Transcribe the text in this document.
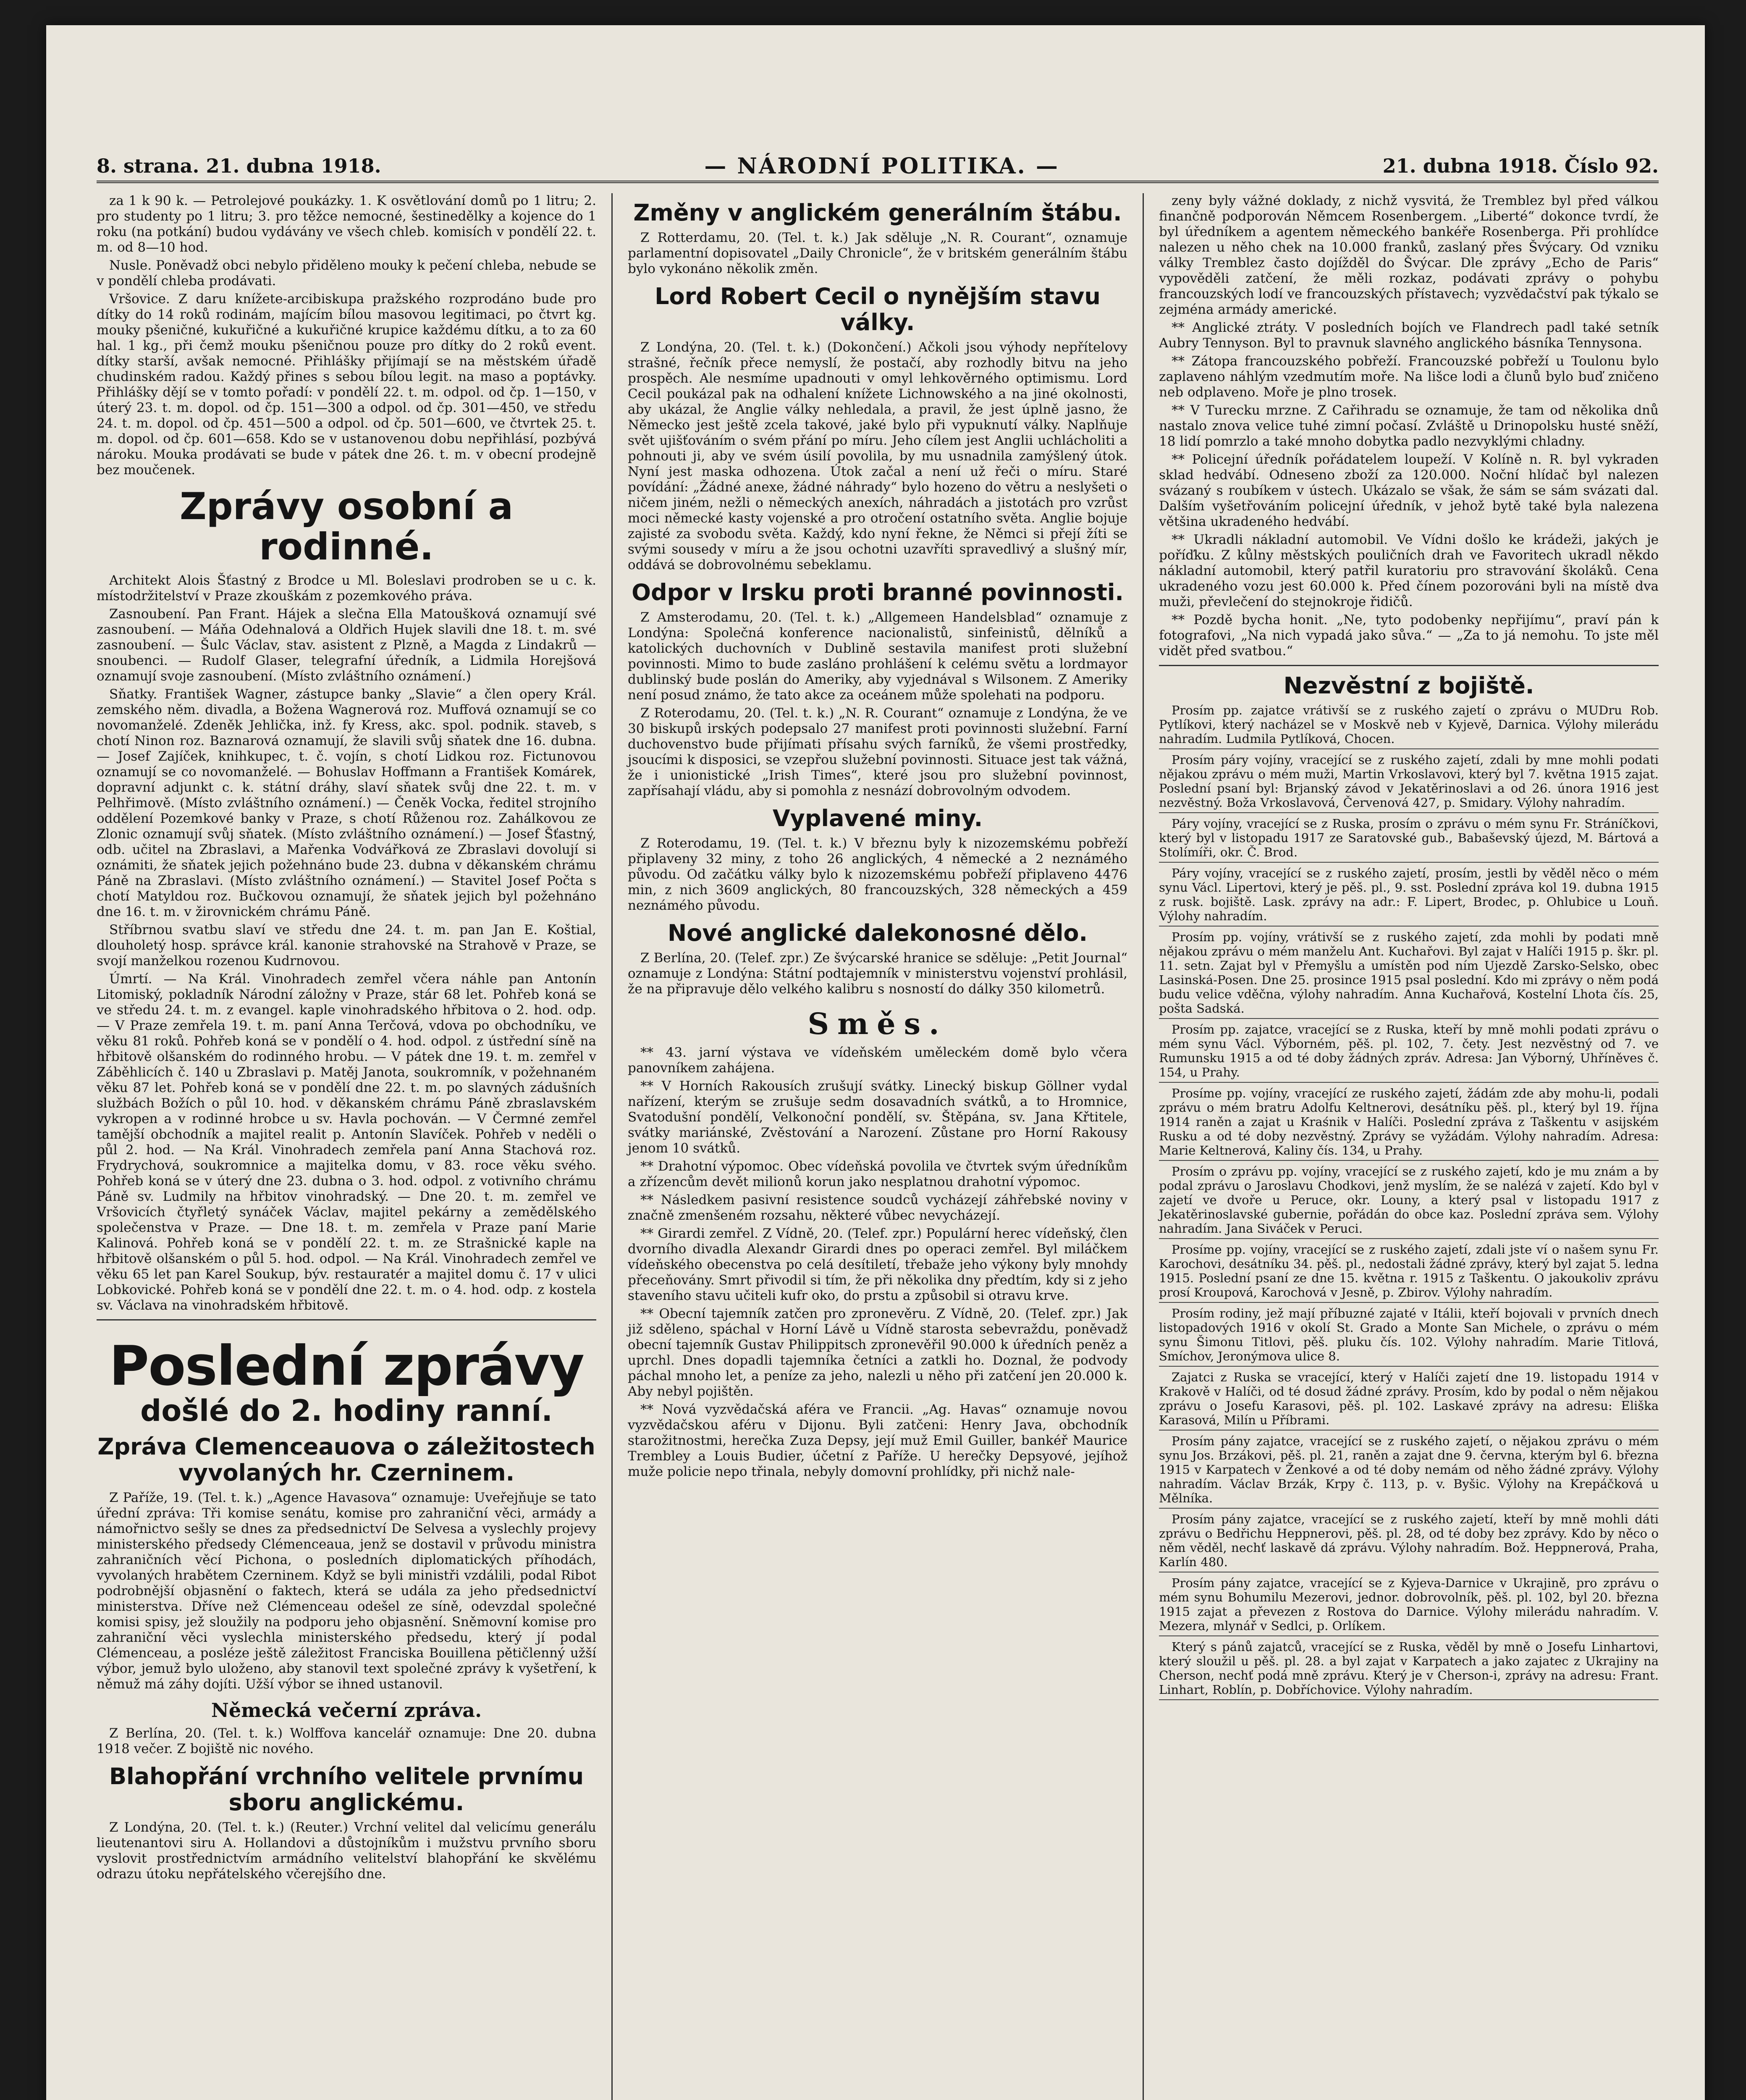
8. strana. 21. dubna 1918.	— NÁRODNÍ POLITIKA. —	21. dubna 1918. Číslo 92.

za 1 k 90 k. — Petrolejové poukázky. 1. K osvětlování domů po 1 litru; 2. pro studenty po 1 litru; 3. pro těžce nemocné, šestinedělky a kojence do 1 roku (na potkání) budou vydávány ve všech chleb. komisích v pondělí 22. t. m. od 8—10 hod.

Nusle. Poněvadž obci nebylo přiděleno mouky k pečení chleba, nebude se v pondělí chleba prodávati.

Vršovice. Z daru knížete-arcibiskupa pražského rozprodáno bude pro dítky do 14 roků rodinám, majícím bílou masovou legitimaci, po čtvrt kg. mouky pšeničné, kukuřičné a kukuřičné krupice každému dítku, a to za 60 hal. 1 kg., při čemž mouku pšeničnou pouze pro dítky do 2 roků event. dítky starší, avšak nemocné. Přihlášky přijímají se na městském úřadě chudinském radou. Každý přines s sebou bílou legit. na maso a poptávky. Přihlášky dějí se v tomto pořadí: v pondělí 22. t. m. odpol. od čp. 1—150, v úterý 23. t. m. dopol. od čp. 151—300 a odpol. od čp. 301—450, ve středu 24. t. m. dopol. od čp. 451—500 a odpol. od čp. 501—600, ve čtvrtek 25. t. m. dopol. od čp. 601—658. Kdo se v ustanovenou dobu nepřihlásí, pozbývá nároku. Mouka prodávati se bude v pátek dne 26. t. m. v obecní prodejně bez moučenek.

Zprávy osobní a rodinné.

Architekt Alois Šťastný z Brodce u Ml. Boleslavi prodroben se u c. k. místodržitelství v Praze zkouškám z pozemkového práva.

Zasnoubení. Pan Frant. Hájek a slečna Ella Matoušková oznamují své zasnoubení. — Máňa Odehnalová a Oldřich Hujek slavili dne 18. t. m. své zasnoubení. — Šulc Václav, stav. asistent z Plzně, a Magda z Lindakrů — snoubenci. — Rudolf Glaser, telegrafní úředník, a Lidmila Horejšová oznamují svoje zasnoubení. (Místo zvláštního oznámení.)

Sňatky. František Wagner, zástupce banky „Slavie“ a člen opery Král. zemského něm. divadla, a Božena Wagnerová roz. Muffová oznamují se co novomanželé. Zdeněk Jehlička, inž. fy Kress, akc. spol. podnik. staveb, s chotí Ninon roz. Baznarová oznamují, že slavili svůj sňatek dne 16. dubna. — Josef Zajíček, knihkupec, t. č. vojín, s chotí Lidkou roz. Fictunovou oznamují se co novomanželé. — Bohuslav Hoffmann a František Komárek, dopravní adjunkt c. k. státní dráhy, slaví sňatek svůj dne 22. t. m. v Pelhřimově. (Místo zvláštního oznámení.) — Čeněk Vocka, ředitel strojního oddělení Pozemkové banky v Praze, s chotí Růženou roz. Zahálkovou ze Zlonic oznamují svůj sňatek. (Místo zvláštního oznámení.) — Josef Šťastný, odb. učitel na Zbraslavi, a Mařenka Vodvářková ze Zbraslavi dovolují si oznámiti, že sňatek jejich požehnáno bude 23. dubna v děkanském chrámu Páně na Zbraslavi. (Místo zvláštního oznámení.) — Stavitel Josef Počta s chotí Matyldou roz. Bučkovou oznamují, že sňatek jejich byl požehnáno dne 16. t. m. v žirovnickém chrámu Páně.

Stříbrnou svatbu slaví ve středu dne 24. t. m. pan Jan E. Koštial, dlouholetý hosp. správce král. kanonie strahovské na Strahově v Praze, se svojí manželkou rozenou Kudrnovou.

Úmrtí. — Na Král. Vinohradech zemřel včera náhle pan Antonín Litomiský, pokladník Národní záložny v Praze, stár 68 let. Pohřeb koná se ve středu 24. t. m. z evangel. kaple vinohradského hřbitova o 2. hod. odp. — V Praze zemřela 19. t. m. paní Anna Terčová, vdova po obchodníku, ve věku 81 roků. Pohřeb koná se v pondělí o 4. hod. odpol. z ústřední síně na hřbitově olšanském do rodinného hrobu. — V pátek dne 19. t. m. zemřel v Záběhlicích č. 140 u Zbraslavi p. Matěj Janota, soukromník, v požehnaném věku 87 let. Pohřeb koná se v pondělí dne 22. t. m. po slavných zádušních službách Božích o půl 10. hod. v děkanském chrámu Páně zbraslavském vykropen a v rodinné hrobce u sv. Havla pochován. — V Čermné zemřel tamější obchodník a majitel realit p. Antonín Slavíček. Pohřeb v neděli o půl 2. hod. — Na Král. Vinohradech zemřela paní Anna Stachová roz. Frydrychová, soukromnice a majitelka domu, v 83. roce věku svého. Pohřeb koná se v úterý dne 23. dubna o 3. hod. odpol. z votivního chrámu Páně sv. Ludmily na hřbitov vinohradský. — Dne 20. t. m. zemřel ve Vršovicích čtyřletý synáček Václav, majitel pekárny a zemědělského společenstva v Praze. — Dne 18. t. m. zemřela v Praze paní Marie Kalinová. Pohřeb koná se v pondělí 22. t. m. ze Strašnické kaple na hřbitově olšanském o půl 5. hod. odpol. — Na Král. Vinohradech zemřel ve věku 65 let pan Karel Soukup, býv. restauratér a majitel domu č. 17 v ulici Lobkovické. Pohřeb koná se v pondělí dne 22. t. m. o 4. hod. odp. z kostela sv. Václava na vinohradském hřbitově.

Poslední zprávy
došlé do 2. hodiny ranní.
Zpráva Clemenceauova o záležitostech vyvolaných hr. Czerninem.

Z Paříže, 19. (Tel. t. k.) „Agence Havasova“ oznamuje: Uveřejňuje se tato úřední zpráva: Tři komise senátu, komise pro zahraniční věci, armády a námořnictvo sešly se dnes za předsednictví De Selvesa a vyslechly projevy ministerského předsedy Clémenceaua, jenž se dostavil v průvodu ministra zahraničních věcí Pichona, o posledních diplomatických příhodách, vyvolaných hrabětem Czerninem. Když se byli ministři vzdálili, podal Ribot podrobnější objasnění o faktech, která se udála za jeho předsednictví ministerstva. Dříve než Clémenceau odešel ze síně, odevzdal společné komisi spisy, jež sloužily na podporu jeho objasnění. Sněmovní komise pro zahraniční věci vyslechla ministerského předsedu, který jí podal Clémenceau, a posléze ještě záležitost Franciska Bouillena pětičlenný užší výbor, jemuž bylo uloženo, aby stanovil text společné zprávy k vyšetření, k němuž má záhy dojíti. Užší výbor se ihned ustanovil.

Německá večerní zpráva.

Z Berlína, 20. (Tel. t. k.) Wolffova kancelář oznamuje: Dne 20. dubna 1918 večer. Z bojiště nic nového.

Blahopřání vrchního velitele prvnímu sboru anglickému.

Z Londýna, 20. (Tel. t. k.) (Reuter.) Vrchní velitel dal velicímu generálu lieutenantovi siru A. Hollandovi a důstojníkům i mužstvu prvního sboru vyslovit prostřednictvím armádního velitelství blahopřání ke skvělému odrazu útoku nepřátelského včerejšího dne.

Změny v anglickém generálním štábu.

Z Rotterdamu, 20. (Tel. t. k.) Jak sděluje „N. R. Courant“, oznamuje parlamentní dopisovatel „Daily Chronicle“, že v britském generálním štábu bylo vykonáno několik změn.

Lord Robert Cecil o nynějším stavu války.

Z Londýna, 20. (Tel. t. k.) (Dokončení.) Ačkoli jsou výhody nepřítelovy strašné, řečník přece nemyslí, že postačí, aby rozhodly bitvu na jeho prospěch. Ale nesmíme upadnouti v omyl lehkověrného optimismu. Lord Cecil poukázal pak na odhalení knížete Lichnowského a na jiné okolnosti, aby ukázal, že Anglie války nehledala, a pravil, že jest úplně jasno, že Německo jest ještě zcela takové, jaké bylo při vypuknutí války. Naplňuje svět ujišťováním o svém přání po míru. Jeho cílem jest Anglii uchlácholiti a pohnouti ji, aby ve svém úsilí povolila, by mu usnadnila zamýšlený útok. Nyní jest maska odhozena. Útok začal a není už řeči o míru. Staré povídání: „Žádné anexe, žádné náhrady“ bylo hozeno do větru a neslyšeti o ničem jiném, nežli o německých anexích, náhradách a jistotách pro vzrůst moci německé kasty vojenské a pro otročení ostatního světa. Anglie bojuje zajisté za svobodu světa. Každý, kdo nyní řekne, že Němci si přejí žíti se svými sousedy v míru a že jsou ochotni uzavříti spravedlivý a slušný mír, oddává se dobrovolnému sebeklamu.

Odpor v Irsku proti branné povinnosti.

Z Amsterodamu, 20. (Tel. t. k.) „Allgemeen Handelsblad“ oznamuje z Londýna: Společná konference nacionalistů, sinfeinistů, dělníků a katolických duchovních v Dublině sestavila manifest proti služební povinnosti. Mimo to bude zasláno prohlášení k celému světu a lordmayor dublinský bude poslán do Ameriky, aby vyjednával s Wilsonem. Z Ameriky není posud známo, že tato akce za oceánem může spolehati na podporu.

Z Roterodamu, 20. (Tel. t. k.) „N. R. Courant“ oznamuje z Londýna, že ve 30 biskupů irských podepsalo 27 manifest proti povinnosti služební. Farní duchovenstvo bude přijímati přísahu svých farníků, že všemi prostředky, jsoucími k disposici, se vzepřou služební povinnosti. Situace jest tak vážná, že i unionistické „Irish Times“, které jsou pro služební povinnost, zapřísahají vládu, aby si pomohla z nesnází dobrovolným odvodem.

Vyplavené miny.

Z Roterodamu, 19. (Tel. t. k.) V březnu byly k nizozemskému pobřeží připlaveny 32 miny, z toho 26 anglických, 4 německé a 2 neznámého původu. Od začátku války bylo k nizozemskému pobřeží připlaveno 4476 min, z nich 3609 anglických, 80 francouzských, 328 německých a 459 neznámého původu.

Nové anglické dalekonosné dělo.

Z Berlína, 20. (Telef. zpr.) Ze švýcarské hranice se sděluje: „Petit Journal“ oznamuje z Londýna: Státní podtajemník v ministerstvu vojenství prohlásil, že na připravuje dělo velkého kalibru s nosností do dálky 350 kilometrů.

Směs.

** 43. jarní výstava ve vídeňském uměleckém domě bylo včera panovníkem zahájena.

** V Horních Rakousích zrušují svátky. Linecký biskup Göllner vydal nařízení, kterým se zrušuje sedm dosavadních svátků, a to Hromnice, Svatodušní pondělí, Velkonoční pondělí, sv. Štěpána, sv. Jana Křtitele, svátky mariánské, Zvěstování a Narození. Zůstane pro Horní Rakousy jenom 10 svátků.

** Drahotní výpomoc. Obec vídeňská povolila ve čtvrtek svým úředníkům a zřízencům devět milionů korun jako nesplatnou drahotní výpomoc.

** Následkem pasivní resistence soudců vycházejí záhřebské noviny v značně zmenšeném rozsahu, některé vůbec nevycházejí.

** Girardi zemřel. Z Vídně, 20. (Telef. zpr.) Populární herec vídeňský, člen dvorního divadla Alexandr Girardi dnes po operaci zemřel. Byl miláčkem vídeňského obecenstva po celá desítiletí, třebaže jeho výkony byly mnohdy přeceňovány. Smrt přivodil si tím, že při několika dny předtím, kdy si z jeho staveního stavu učiteli kufr oko, do prstu a způsobil si otravu krve.

** Obecní tajemník zatčen pro zpronevěru. Z Vídně, 20. (Telef. zpr.) Jak již sděleno, spáchal v Horní Lávě u Vídně starosta sebevraždu, poněvadž obecní tajemník Gustav Philippitsch zpronevěřil 90.000 k úředních peněz a uprchl. Dnes dopadli tajemníka četníci a zatkli ho. Doznal, že podvody páchal mnoho let, a peníze za jeho, nalezli u něho při zatčení jen 20.000 k. Aby nebyl pojištěn.

** Nová vyzvědačská aféra ve Francii. „Ag. Havas“ oznamuje novou vyzvědačskou aféru v Dijonu. Byli zatčeni: Henry Java, obchodník starožitnostmi, herečka Zuza Depsy, její muž Emil Guiller, bankéř Maurice Trembley a Louis Budier, účetní z Paříže. U herečky Depsyové, jejíhož muže policie nepo třinala, nebyly domovní prohlídky, při nichž nale-

zeny byly vážné doklady, z nichž vysvitá, že Tremblez byl před válkou finančně podporován Němcem Rosenbergem. „Liberté“ dokonce tvrdí, že byl úředníkem a agentem německého bankéře Rosenberga. Při prohlídce nalezen u něho chek na 10.000 franků, zaslaný přes Švýcary. Od vzniku války Tremblez často dojížděl do Švýcar. Dle zprávy „Echo de Paris“ vypověděli zatčení, že měli rozkaz, podávati zprávy o pohybu francouzských lodí ve francouzských přístavech; vyzvědačství pak týkalo se zejména armády americké.

** Anglické ztráty. V posledních bojích ve Flandrech padl také setník Aubry Tennyson. Byl to pravnuk slavného anglického básníka Tennysona.

** Zátopa francouzského pobřeží. Francouzské pobřeží u Toulonu bylo zaplaveno náhlým vzedmutím moře. Na lišce lodi a člunů bylo buď zničeno neb odplaveno. Moře je plno trosek.

** V Turecku mrzne. Z Cařihradu se oznamuje, že tam od několika dnů nastalo znova velice tuhé zimní počasí. Zvláště u Drinopolsku husté sněží, 18 lidí pomrzlo a také mnoho dobytka padlo nezvyklými chladny.

** Policejní úředník pořádatelem loupeží. V Kolíně n. R. byl vykraden sklad hedvábí. Odneseno zboží za 120.000. Noční hlídač byl nalezen svázaný s roubíkem v ústech. Ukázalo se však, že sám se sám svázati dal. Dalším vyšetřováním policejní úředník, v jehož bytě také byla nalezena většina ukradeného hedvábí.

** Ukradli nákladní automobil. Ve Vídni došlo ke krádeži, jakých je poříďku. Z kůlny městských pouličních drah ve Favoritech ukradl někdo nákladní automobil, který patřil kuratoriu pro stravování školáků. Cena ukradeného vozu jest 60.000 k. Před čínem pozorováni byli na místě dva muži, převlečení do stejnokroje řidičů.

** Pozdě bycha honit. „Ne, tyto podobenky nepřijímu“, praví pán k fotografovi, „Na nich vypadá jako sůva.“ — „Za to já nemohu. To jste měl vidět před svatbou.“

Nezvěstní z bojiště.

Prosím pp. zajatce vrátivší se z ruského zajetí o zprávu o MUDru Rob. Pytlíkovi, který nacházel se v Moskvě neb v Kyjevě, Darnica. Výlohy milerádu nahradím. Ludmila Pytlíková, Chocen.

Prosím páry vojíny, vracející se z ruského zajetí, zdali by mne mohli podati nějakou zprávu o mém muži, Martin Vrkoslavovi, který byl 7. května 1915 zajat. Poslední psaní byl: Brjanský závod v Jekatěrinoslavi a od 26. února 1916 jest nezvěstný. Boža Vrkoslavová, Červenová 427, p. Smidary. Výlohy nahradím.

Páry vojíny, vracející se z Ruska, prosím o zprávu o mém synu Fr. Stráníčkovi, který byl v listopadu 1917 ze Saratovské gub., Babaševský újezd, M. Bártová a Stolímíři, okr. Č. Brod.

Páry vojíny, vracející se z ruského zajetí, prosím, jestli by věděl něco o mém synu Václ. Lipertovi, který je pěš. pl., 9. sst. Poslední zpráva kol 19. dubna 1915 z rusk. bojiště. Lask. zprávy na adr.: F. Lipert, Brodec, p. Ohlubice u Louň. Výlohy nahradím.

Prosím pp. vojíny, vrátivší se z ruského zajetí, zda mohli by podati mně nějakou zprávu o mém manželu Ant. Kuchařovi. Byl zajat v Halíči 1915 p. škr. pl. 11. setn. Zajat byl v Přemyšlu a umístěn pod ním Ujezdě Zarsko-Selsko, obec Lasinská-Posen. Dne 25. prosince 1915 psal poslední. Kdo mi zprávy o něm podá budu velice vděčna, výlohy nahradím. Anna Kuchařová, Kostelní Lhota čís. 25, pošta Sadská.

Prosím pp. zajatce, vracející se z Ruska, kteří by mně mohli podati zprávu o mém synu Václ. Výborném, pěš. pl. 102, 7. čety. Jest nezvěstný od 7. ve Rumunsku 1915 a od té doby žádných zpráv. Adresa: Jan Výborný, Uhříněves č. 154, u Prahy.

Prosíme pp. vojíny, vracející ze ruského zajetí, žádám zde aby mohu-li, podali zprávu o mém bratru Adolfu Keltnerovi, desátníku pěš. pl., který byl 19. října 1914 raněn a zajat u Kraśnik v Halíči. Poslední zpráva z Taškentu v asijském Rusku a od té doby nezvěstný. Zprávy se vyžádám. Výlohy nahradím. Adresa: Marie Keltnerová, Kaliny čís. 134, u Prahy.

Prosím o zprávu pp. vojíny, vracející se z ruského zajetí, kdo je mu znám a by podal zprávu o Jaroslavu Chodkovi, jenž myslím, že se nalézá v zajetí. Kdo byl v zajetí ve dvoře u Peruce, okr. Louny, a který psal v listopadu 1917 z Jekatěrinoslavské gubernie, pořádán do obce kaz. Poslední zpráva sem. Výlohy nahradím. Jana Siváček v Peruci.

Prosíme pp. vojíny, vracející se z ruského zajetí, zdali jste ví o našem synu Fr. Karochovi, desátníku 34. pěš. pl., nedostali žádné zprávy, který byl zajat 5. ledna 1915. Poslední psaní ze dne 15. května r. 1915 z Taškentu. O jakoukoliv zprávu prosí Kroupová, Karochová v Jesně, p. Zbirov. Výlohy nahradím.

Prosím rodiny, jež mají příbuzné zajaté v Itálii, kteří bojovali v prvních dnech listopadových 1916 v okolí St. Grado a Monte San Michele, o zprávu o mém synu Šimonu Titlovi, pěš. pluku čís. 102. Výlohy nahradím. Marie Titlová, Smíchov, Jeronýmova ulice 8.

Zajatci z Ruska se vracející, který v Halíči zajetí dne 19. listopadu 1914 v Krakově v Halíči, od té dosud žádné zprávy. Prosím, kdo by podal o něm nějakou zprávu o Josefu Karasovi, pěš. pl. 102. Laskavé zprávy na adresu: Eliška Karasová, Milín u Příbrami.

Prosím pány zajatce, vracející se z ruského zajetí, o nějakou zprávu o mém synu Jos. Brzákovi, pěš. pl. 21, raněn a zajat dne 9. června, kterým byl 6. března 1915 v Karpatech v Ženkové a od té doby nemám od něho žádné zprávy. Výlohy nahradím. Václav Brzák, Krpy č. 113, p. v. Byšic. Výlohy na Krepáčková u Mělníka.

Prosím pány zajatce, vracející se z ruského zajetí, kteří by mně mohli dáti zprávu o Bedřichu Heppnerovi, pěš. pl. 28, od té doby bez zprávy. Kdo by něco o něm věděl, nechť laskavě dá zprávu. Výlohy nahradím. Bož. Heppnerová, Praha, Karlín 480.

Prosím pány zajatce, vracející se z Kyjeva-Darnice v Ukrajině, pro zprávu o mém synu Bohumilu Mezerovi, jednor. dobrovolník, pěš. pl. 102, byl 20. března 1915 zajat a převezen z Rostova do Darnice. Výlohy milerádu nahradím. V. Mezera, mlynář v Sedlci, p. Orlíkem.

Který s pánů zajatců, vracející se z Ruska, věděl by mně o Josefu Linhartovi, který sloužil u pěš. pl. 28. a byl zajat v Karpatech a jako zajatec z Ukrajiny na Cherson, nechť podá mně zprávu. Který je v Cherson-i, zprávy na adresu: Frant. Linhart, Roblín, p. Dobříchovice. Výlohy nahradím.
